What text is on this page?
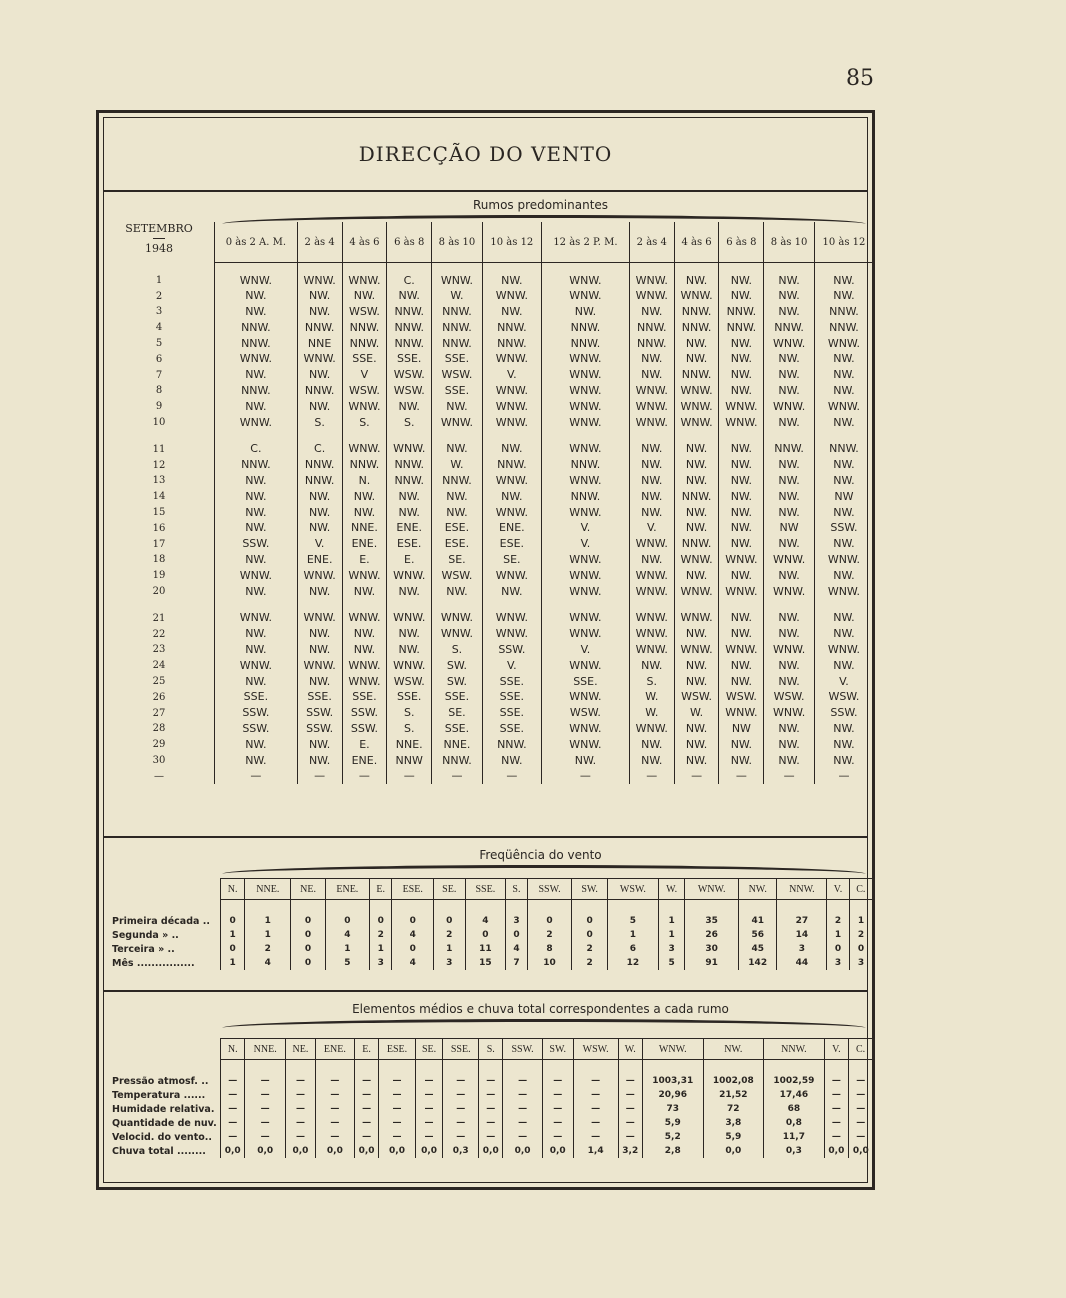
85
DIRECÇÃO DO VENTO
Rumos predominantes
SETEMBRO
1948
		0 às 2 A. M.	2 às 4	4 às 6	6 às 8	8 às 10	10 às 12	12 às 2 P. M.	2 às 4	4 às 6	6 às 8	8 às 10	10 às 12

1	WNW.	WNW.	WNW.	C.	WNW.	NW.	WNW.	WNW.	NW.	NW.	NW.	NW.
2	NW.	NW.	NW.	NW.	W.	WNW.	WNW.	WNW.	WNW.	NW.	NW.	NW.
3	NW.	NW.	WSW.	NNW.	NNW.	NW.	NW.	NW.	NNW.	NNW.	NW.	NNW.
4	NNW.	NNW.	NNW.	NNW.	NNW.	NNW.	NNW.	NNW.	NNW.	NNW.	NNW.	NNW.
5	NNW.	NNE	NNW.	NNW.	NNW.	NNW.	NNW.	NNW.	NW.	NW.	WNW.	WNW.
6	WNW.	WNW.	SSE.	SSE.	SSE.	WNW.	WNW.	NW.	NW.	NW.	NW.	NW.
7	NW.	NW.	V	WSW.	WSW.	V.	WNW.	NW.	NNW.	NW.	NW.	NW.
8	NNW.	NNW.	WSW.	WSW.	SSE.	WNW.	WNW.	WNW.	WNW.	NW.	NW.	NW.
9	NW.	NW.	WNW.	NW.	NW.	WNW.	WNW.	WNW.	WNW.	WNW.	WNW.	WNW.
10	WNW.	S.	S.	S.	WNW.	WNW.	WNW.	WNW.	WNW.	WNW.	NW.	NW.

11	C.	C.	WNW.	WNW.	NW.	NW.	WNW.	NW.	NW.	NW.	NNW.	NNW.
12	NNW.	NNW.	NNW.	NNW.	W.	NNW.	NNW.	NW.	NW.	NW.	NW.	NW.
13	NW.	NNW.	N.	NNW.	NNW.	WNW.	WNW.	NW.	NW.	NW.	NW.	NW.
14	NW.	NW.	NW.	NW.	NW.	NW.	NNW.	NW.	NNW.	NW.	NW.	NW
15	NW.	NW.	NW.	NW.	NW.	WNW.	WNW.	NW.	NW.	NW.	NW.	NW.
16	NW.	NW.	NNE.	ENE.	ESE.	ENE.	V.	V.	NW.	NW.	NW	SSW.
17	SSW.	V.	ENE.	ESE.	ESE.	ESE.	V.	WNW.	NNW.	NW.	NW.	NW.
18	NW.	ENE.	E.	E.	SE.	SE.	WNW.	NW.	WNW.	WNW.	WNW.	WNW.
19	WNW.	WNW.	WNW.	WNW.	WSW.	WNW.	WNW.	WNW.	NW.	NW.	NW.	NW.
20	NW.	NW.	NW.	NW.	NW.	NW.	WNW.	WNW.	WNW.	WNW.	WNW.	WNW.

21	WNW.	WNW.	WNW.	WNW.	WNW.	WNW.	WNW.	WNW.	WNW.	NW.	NW.	NW.
22	NW.	NW.	NW.	NW.	WNW.	WNW.	WNW.	WNW.	NW.	NW.	NW.	NW.
23	NW.	NW.	NW.	NW.	S.	SSW.	V.	WNW.	WNW.	WNW.	WNW.	WNW.
24	WNW.	WNW.	WNW.	WNW.	SW.	V.	WNW.	NW.	NW.	NW.	NW.	NW.
25	NW.	NW.	WNW.	WSW.	SW.	SSE.	SSE.	S.	NW.	NW.	NW.	V.
26	SSE.	SSE.	SSE.	SSE.	SSE.	SSE.	WNW.	W.	WSW.	WSW.	WSW.	WSW.
27	SSW.	SSW.	SSW.	S.	SE.	SSE.	WSW.	W.	W.	WNW.	WNW.	SSW.
28	SSW.	SSW.	SSW.	S.	SSE.	SSE.	WNW.	WNW.	NW.	NW	NW.	NW.
29	NW.	NW.	E.	NNE.	NNE.	NNW.	WNW.	NW.	NW.	NW.	NW.	NW.
30	NW.	NW.	ENE.	NNW	NNW.	NW.	NW.	NW.	NW.	NW.	NW.	NW.
—	—	—	—	—	—	—	—	—	—	—	—	—
Freqüência do vento
	N.	NNE.	NE.	ENE.	E.	ESE.	SE.	SSE.	S.	SSW.	SW.	WSW.	W.	WNW.	NW.	NNW.	V.	C.

Primeira década ..	0	1	0	0	0	0	0	4	3	0	0	5	1	35	41	27	2	1
Segunda » ..	1	1	0	4	2	4	2	0	0	2	0	1	1	26	56	14	1	2
Terceira » ..	0	2	0	1	1	0	1	11	4	8	2	6	3	30	45	3	0	0
Mês ................	1	4	0	5	3	4	3	15	7	10	2	12	5	91	142	44	3	3
Elementos médios e chuva total correspondentes a cada rumo
	N.	NNE.	NE.	ENE.	E.	ESE.	SE.	SSE.	S.	SSW.	SW.	WSW.	W.	WNW.	NW.	NNW.	V.	C.

Pressão atmosf. ..	—	—	—	—	—	—	—	—	—	—	—	—	—	1003,31	1002,08	1002,59	—	—
Temperatura ......	—	—	—	—	—	—	—	—	—	—	—	—	—	20,96	21,52	17,46	—	—
Humidade relativa.	—	—	—	—	—	—	—	—	—	—	—	—	—	73	72	68	—	—
Quantidade de nuv.	—	—	—	—	—	—	—	—	—	—	—	—	—	5,9	3,8	0,8	—	—
Velocid. do vento..	—	—	—	—	—	—	—	—	—	—	—	—	—	5,2	5,9	11,7	—	—
Chuva total ........	0,0	0,0	0,0	0,0	0,0	0,0	0,0	0,3	0,0	0,0	0,0	1,4	3,2	2,8	0,0	0,3	0,0	0,0
